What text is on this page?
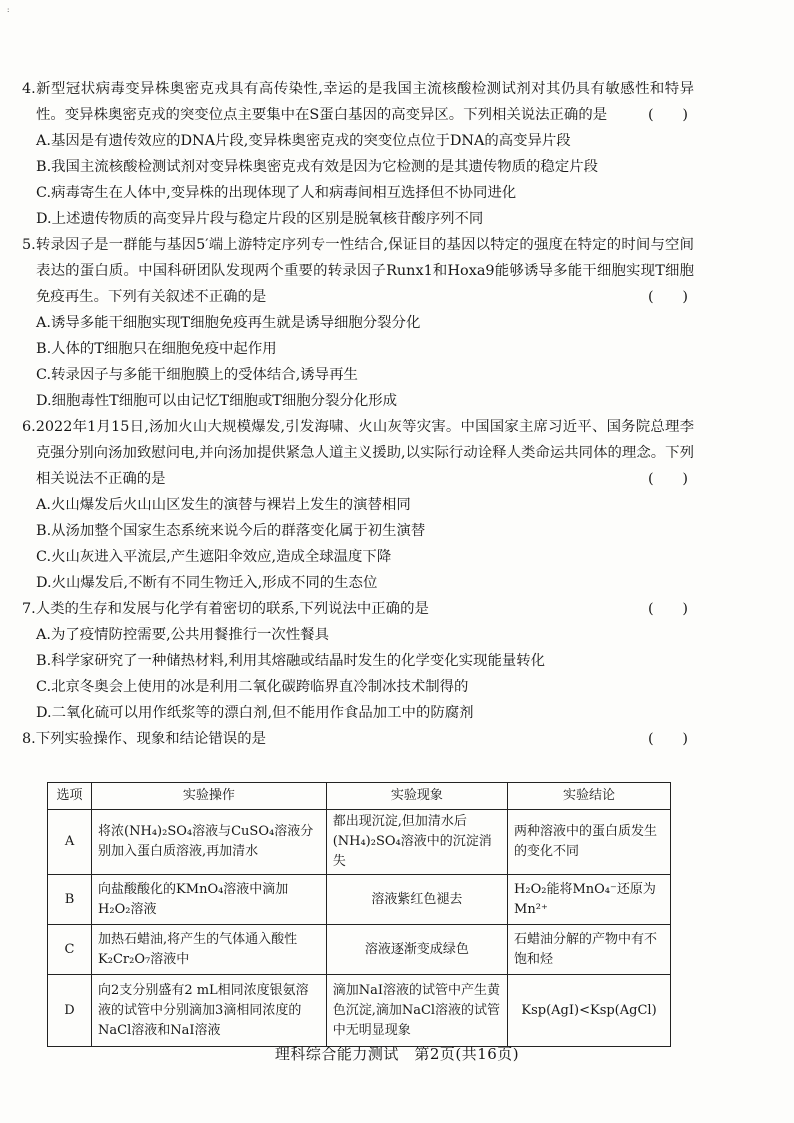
:
4.新型冠状病毒变异株奥密克戎具有高传染性,幸运的是我国主流核酸检测试剂对其仍具有敏感性和特异性。变异株奥密克戎的突变位点主要集中在S蛋白基因的高变异区。下列相关说法正确的是	(　　)
A.基因是有遗传效应的DNA片段,变异株奥密克戎的突变位点位于DNA的高变异片段
B.我国主流核酸检测试剂对变异株奥密克戎有效是因为它检测的是其遗传物质的稳定片段
C.病毒寄生在人体中,变异株的出现体现了人和病毒间相互选择但不协同进化
D.上述遗传物质的高变异片段与稳定片段的区别是脱氧核苷酸序列不同
5.转录因子是一群能与基因5′端上游特定序列专一性结合,保证目的基因以特定的强度在特定的时间与空间表达的蛋白质。中国科研团队发现两个重要的转录因子Runx1和Hoxa9能够诱导多能干细胞实现T细胞免疫再生。下列有关叙述不正确的是	(　　)
A.诱导多能干细胞实现T细胞免疫再生就是诱导细胞分裂分化
B.人体的T细胞只在细胞免疫中起作用
C.转录因子与多能干细胞膜上的受体结合,诱导再生
D.细胞毒性T细胞可以由记忆T细胞或T细胞分裂分化形成
6.2022年1月15日,汤加火山大规模爆发,引发海啸、火山灰等灾害。中国国家主席习近平、国务院总理李克强分别向汤加致慰问电,并向汤加提供紧急人道主义援助,以实际行动诠释人类命运共同体的理念。下列相关说法不正确的是	(　　)
A.火山爆发后火山山区发生的演替与裸岩上发生的演替相同
B.从汤加整个国家生态系统来说今后的群落变化属于初生演替
C.火山灰进入平流层,产生遮阳伞效应,造成全球温度下降
D.火山爆发后,不断有不同生物迁入,形成不同的生态位
7.人类的生存和发展与化学有着密切的联系,下列说法中正确的是	(　　)
A.为了疫情防控需要,公共用餐推行一次性餐具
B.科学家研究了一种储热材料,利用其熔融或结晶时发生的化学变化实现能量转化
C.北京冬奥会上使用的冰是利用二氧化碳跨临界直冷制冰技术制得的
D.二氧化硫可以用作纸浆等的漂白剂,但不能用作食品加工中的防腐剂
8.下列实验操作、现象和结论错误的是	(　　)
选项	实验操作	实验现象	实验结论
A	将浓(NH₄)₂SO₄溶液与CuSO₄溶液分别加入蛋白质溶液,再加清水	都出现沉淀,但加清水后(NH₄)₂SO₄溶液中的沉淀消失	两种溶液中的蛋白质发生的变化不同
B	向盐酸酸化的KMnO₄溶液中滴加H₂O₂溶液	溶液紫红色褪去	H₂O₂能将MnO₄⁻还原为Mn²⁺
C	加热石蜡油,将产生的气体通入酸性K₂Cr₂O₇溶液中	溶液逐渐变成绿色	石蜡油分解的产物中有不饱和烃
D	向2支分别盛有2 mL相同浓度银氨溶液的试管中分别滴加3滴相同浓度的NaCl溶液和NaI溶液	滴加NaI溶液的试管中产生黄色沉淀,滴加NaCl溶液的试管中无明显现象	Ksp(AgI)<Ksp(AgCl)
理科综合能力测试　第2页(共16页)
